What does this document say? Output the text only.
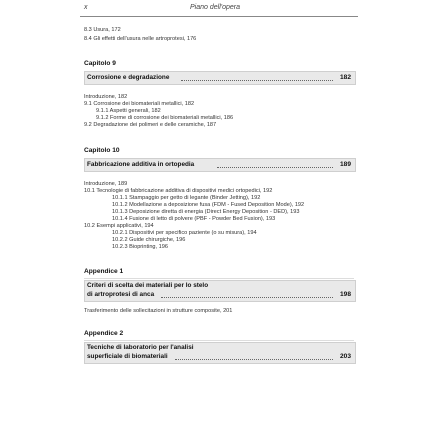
x	Piano dell'opera
8.3 Usura, 172
8.4 Gli effetti dell'usura nelle artroprotesi, 176
Capitolo 9
Corrosione e degradazione	182
Introduzione, 182
9.1 Corrosione dei biomateriali metallici, 182
9.1.1 Aspetti generali, 182
9.1.2 Forme di corrosione dei biomateriali metallici, 186
9.2 Degradazione dei polimeri e delle ceramiche, 187
Capitolo 10
Fabbricazione additiva in ortopedia	189
Introduzione, 189
10.1 Tecnologie di fabbricazione additiva di dispositivi medici ortopedici, 192
10.1.1 Stampaggio per getto di legante (Binder Jetting), 192
10.1.2 Modellazione a deposizione fusa (FDM - Fused Deposition Mode), 192
10.1.3 Deposizione diretta di energia (Direct Energy Deposition - DED), 193
10.1.4 Fusione di letto di polvere (PBF - Powder Bed Fusion), 193
10.2 Esempi applicativi, 194
10.2.1 Dispositivi per specifico paziente (o su misura), 194
10.2.2 Guide chirurgiche, 196
10.2.3 Bioprinting, 196
Appendice 1
Criteri di scelta dei materiali per lo stelo
di artroprotesi di anca	198
Trasferimento delle sollecitazioni in strutture composite, 201
Appendice 2
Tecniche di laboratorio per l'analisi
superficiale di biomateriali	203
